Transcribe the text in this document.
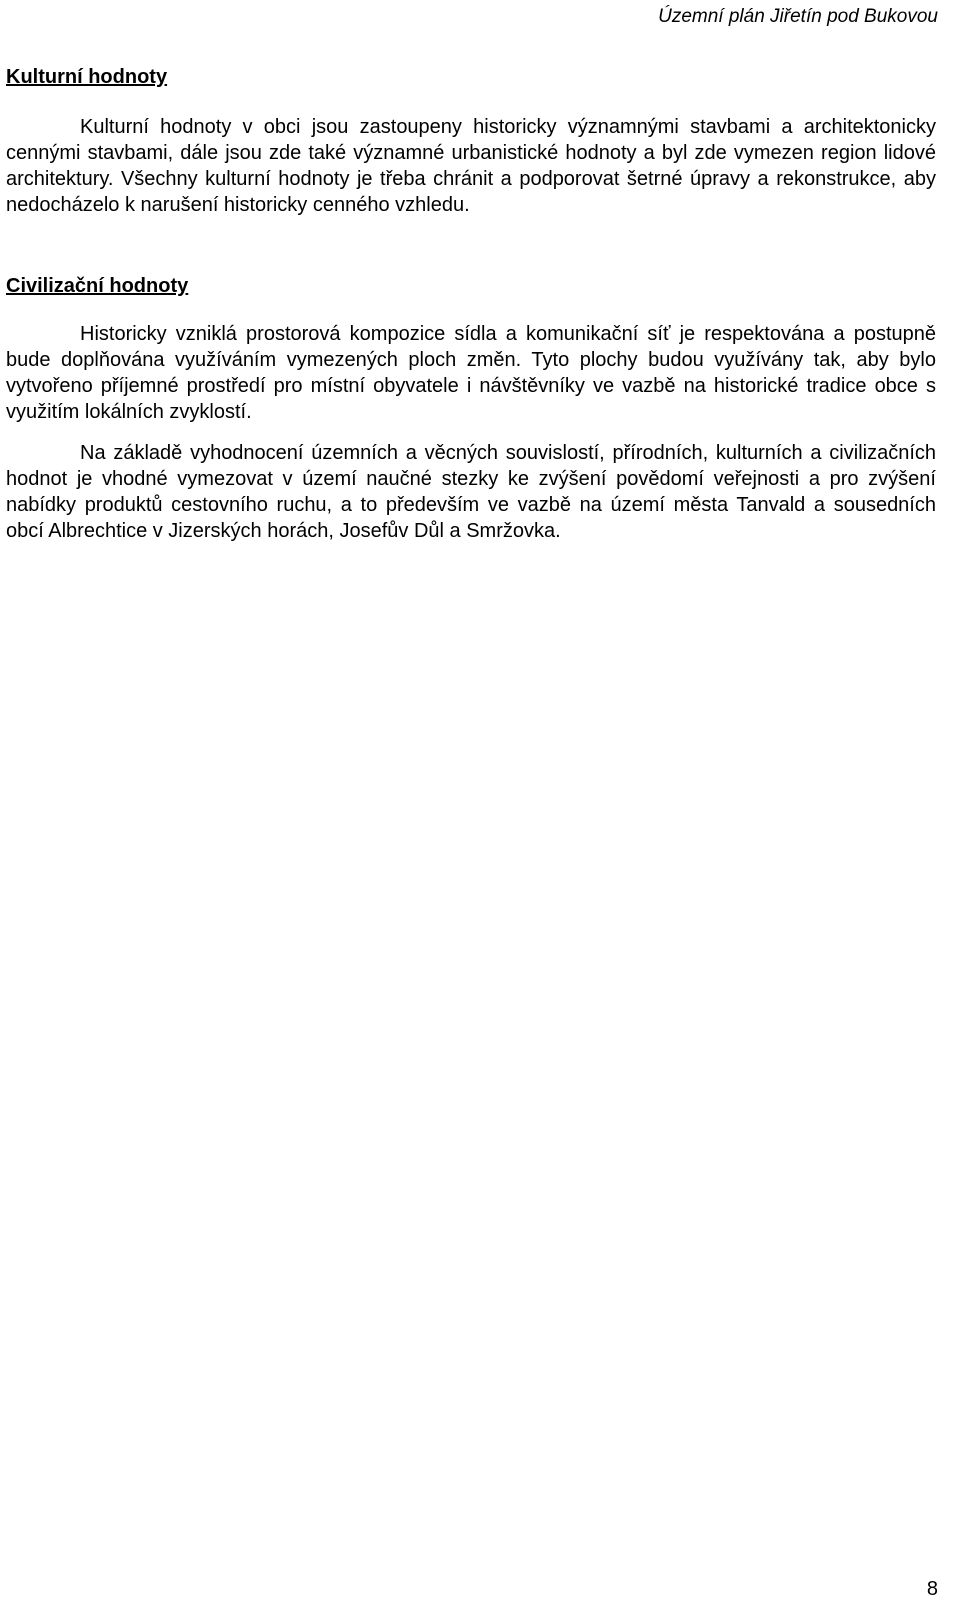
Územní plán Jiřetín pod Bukovou
Kulturní hodnoty

Kulturní hodnoty v obci jsou zastoupeny historicky významnými stavbami a architektonicky cennými stavbami, dále jsou zde také významné urbanistické hodnoty a byl zde vymezen region lidové architektury. Všechny kulturní hodnoty je třeba chránit a podporovat šetrné úpravy a rekonstrukce, aby nedocházelo k narušení historicky cenného vzhledu.

Civilizační hodnoty

Historicky vzniklá prostorová kompozice sídla a komunikační síť je respektována a postupně bude doplňována využíváním vymezených ploch změn. Tyto plochy budou využívány tak, aby bylo vytvořeno příjemné prostředí pro místní obyvatele i návštěvníky ve vazbě na historické tradice obce s využitím lokálních zvyklostí.

Na základě vyhodnocení územních a věcných souvislostí, přírodních, kulturních a civilizačních hodnot je vhodné vymezovat v území naučné stezky ke zvýšení povědomí veřejnosti a pro zvýšení nabídky produktů cestovního ruchu, a to především ve vazbě na území města Tanvald a sousedních obcí Albrechtice v Jizerských horách, Josefův Důl a Smržovka.

8
